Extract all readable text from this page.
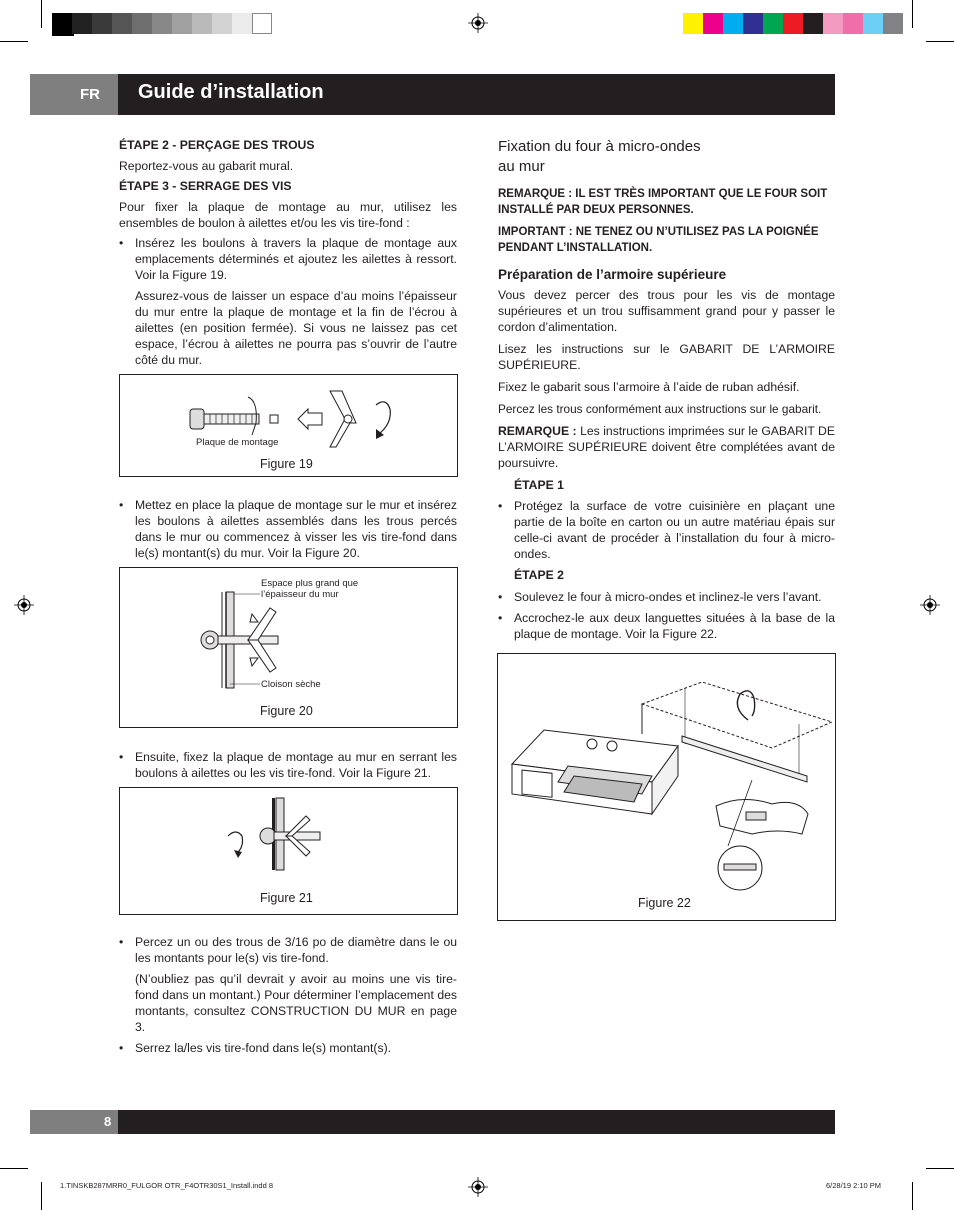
FR Guide d’installation

ÉTAPE 2 - PERÇAGE DES TROUS

Reportez-vous au gabarit mural.

ÉTAPE 3 - SERRAGE DES VIS

Pour fixer la plaque de montage au mur, utilisez les ensembles de boulon à ailettes et/ou les vis tire-fond :

• Insérez les boulons à travers la plaque de montage aux emplacements déterminés et ajoutez les ailettes à ressort. Voir la Figure 19.

Assurez-vous de laisser un espace d’au moins l’épaisseur du mur entre la plaque de montage et la fin de l’écrou à ailettes (en position fermée). Si vous ne laissez pas cet espace, l’écrou à ailettes ne pourra pas s’ouvrir de l’autre côté du mur.

Plaque de montage
Figure 19

• Mettez en place la plaque de montage sur le mur et insérez les boulons à ailettes assemblés dans les trous percés dans le mur ou commencez à visser les vis tire-fond dans le(s) montant(s) du mur. Voir la Figure 20.

Espace plus grand que l’épaisseur du mur
Cloison sèche
Figure 20

• Ensuite, fixez la plaque de montage au mur en serrant les boulons à ailettes ou les vis tire-fond. Voir la Figure 21.

Figure 21

• Percez un ou des trous de 3/16 po de diamètre dans le ou les montants pour le(s) vis tire-fond.

(N’oubliez pas qu’il devrait y avoir au moins une vis tire-fond dans un montant.) Pour déterminer l’emplacement des montants, consultez CONSTRUCTION DU MUR en page 3.

• Serrez la/les vis tire-fond dans le(s) montant(s).

Fixation du four à micro-ondes
au mur

REMARQUE : IL EST TRÈS IMPORTANT QUE LE FOUR SOIT INSTALLÉ PAR DEUX PERSONNES.

IMPORTANT : NE TENEZ OU N’UTILISEZ PAS LA POIGNÉE PENDANT L’INSTALLATION.

Préparation de l’armoire supérieure

Vous devez percer des trous pour les vis de montage supérieures et un trou suffisamment grand pour y passer le cordon d’alimentation.

Lisez les instructions sur le GABARIT DE L’ARMOIRE SUPÉRIEURE.

Fixez le gabarit sous l’armoire à l’aide de ruban adhésif.

Percez les trous conformément aux instructions sur le gabarit.

REMARQUE : Les instructions imprimées sur le GABARIT DE L’ARMOIRE SUPÉRIEURE doivent être complétées avant de poursuivre.

ÉTAPE 1

• Protégez la surface de votre cuisinière en plaçant une partie de la boîte en carton ou un autre matériau épais sur celle-ci avant de procéder à l’installation du four à micro-ondes.

ÉTAPE 2

• Soulevez le four à micro-ondes et inclinez-le vers l’avant.

• Accrochez-le aux deux languettes situées à la base de la plaque de montage. Voir la Figure 22.

Figure 22
8
1.TINSKB287MRR0_FULGOR OTR_F4OTR30S1_Install.indd 8	6/28/19 2:10 PM
